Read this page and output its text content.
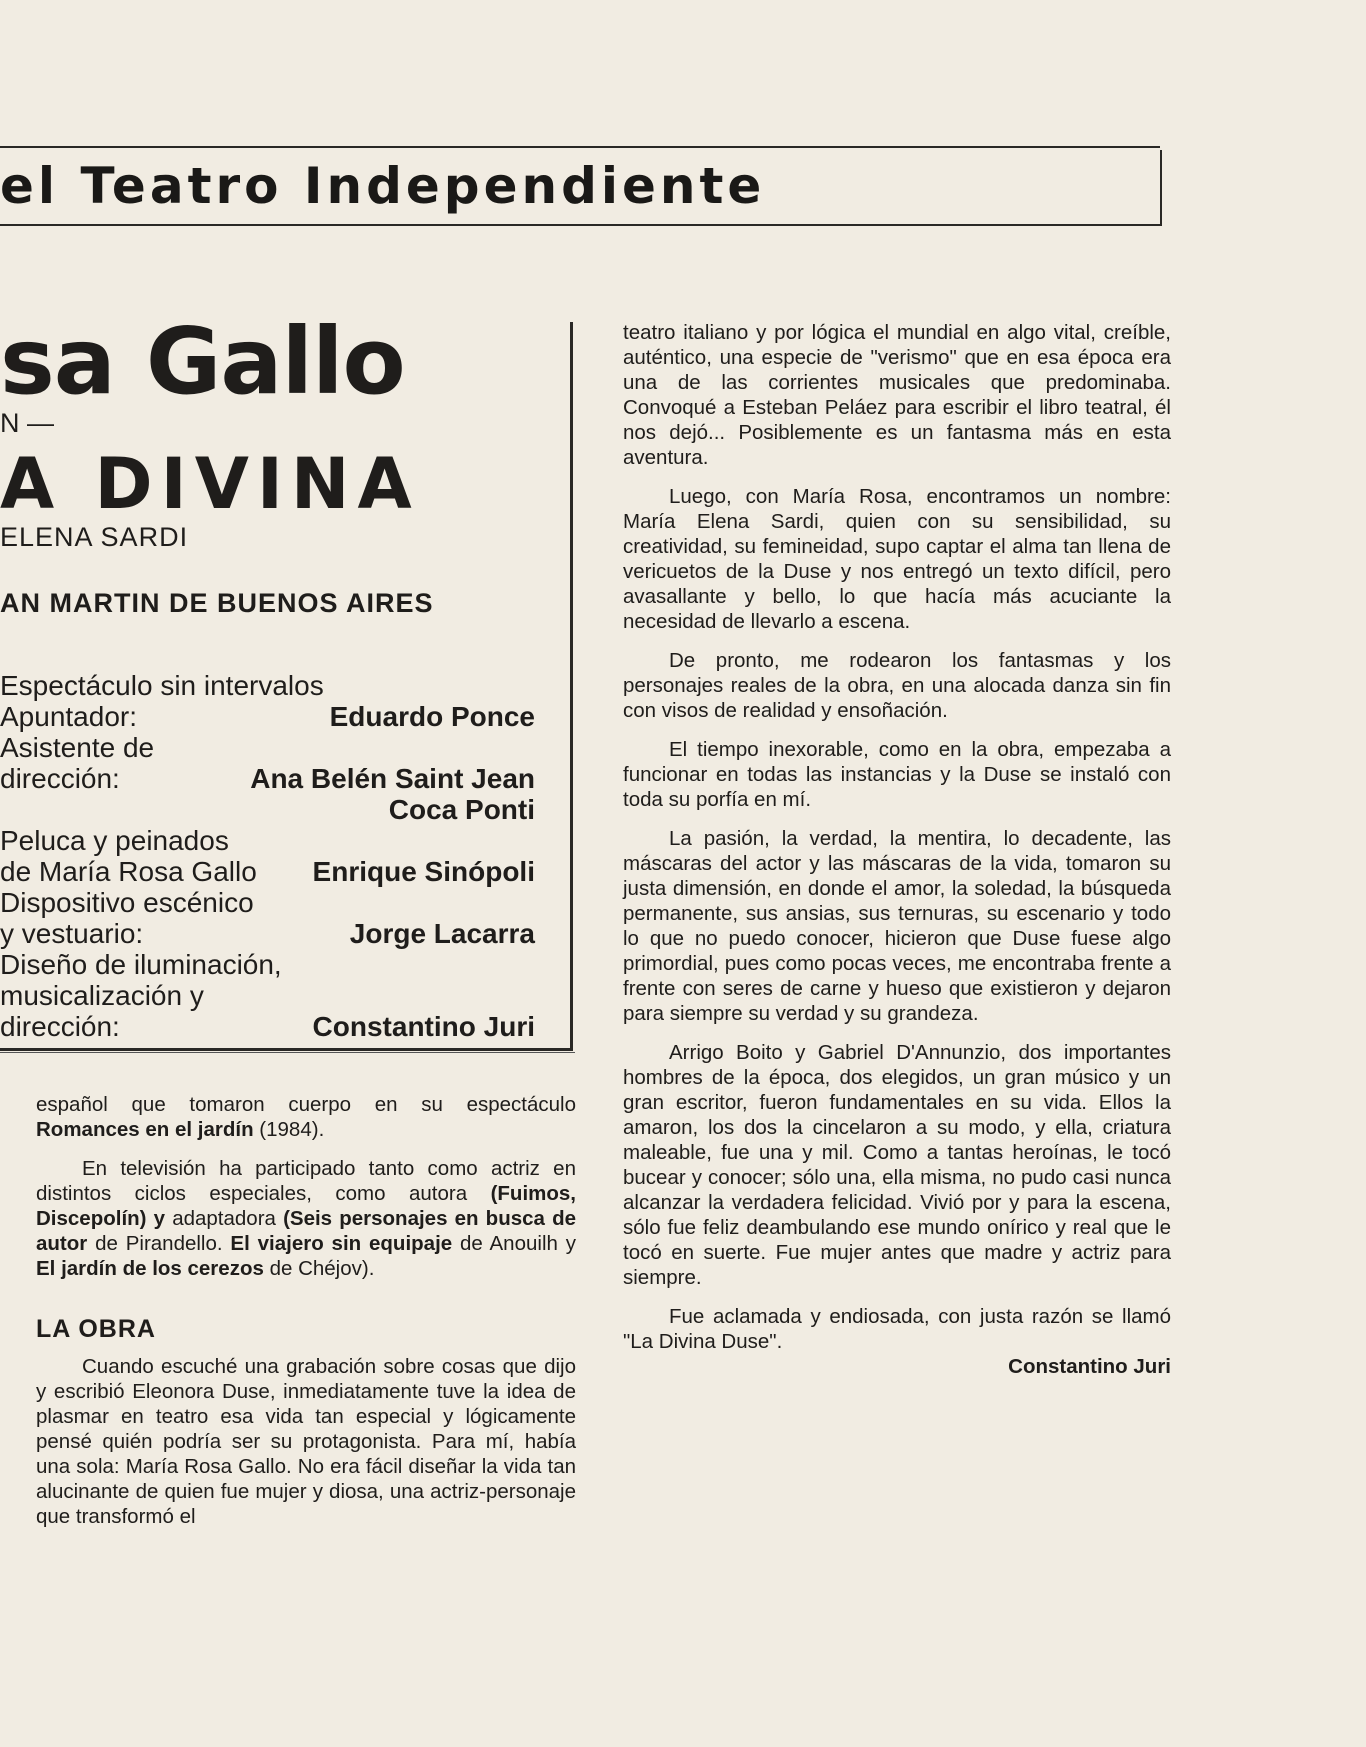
el Teatro Independiente
sa Gallo
N —
A DIVINA
ELENA SARDI
AN MARTIN DE BUENOS AIRES
Espectáculo sin intervalos
Apuntador:	Eduardo Ponce
Asistente de
dirección:	Ana Belén Saint Jean
Coca Ponti
Peluca y peinados
de María Rosa Gallo	Enrique Sinópoli
Dispositivo escénico
y vestuario:	Jorge Lacarra
Diseño de iluminación,
musicalización y
dirección:	Constantino Juri

español que tomaron cuerpo en su espectáculo Romances en el jardín (1984).

En televisión ha participado tanto como actriz en distintos ciclos especiales, como autora (Fuimos, Discepolín) y adaptadora (Seis personajes en busca de autor de Pirandello. El viajero sin equipaje de Anouilh y El jardín de los cerezos de Chéjov).

LA OBRA

Cuando escuché una grabación sobre cosas que dijo y escribió Eleonora Duse, inmediatamente tuve la idea de plasmar en teatro esa vida tan especial y lógicamente pensé quién podría ser su protagonista. Para mí, había una sola: María Rosa Gallo. No era fácil diseñar la vida tan alucinante de quien fue mujer y diosa, una actriz-personaje que transformó el

teatro italiano y por lógica el mundial en algo vital, creíble, auténtico, una especie de "verismo" que en esa época era una de las corrientes musicales que predominaba. Convoqué a Esteban Peláez para escribir el libro teatral, él nos dejó... Posiblemente es un fantasma más en esta aventura.

Luego, con María Rosa, encontramos un nombre: María Elena Sardi, quien con su sensibilidad, su creatividad, su femineidad, supo captar el alma tan llena de vericuetos de la Duse y nos entregó un texto difícil, pero avasallante y bello, lo que hacía más acuciante la necesidad de llevarlo a escena.

De pronto, me rodearon los fantasmas y los personajes reales de la obra, en una alocada danza sin fin con visos de realidad y ensoñación.

El tiempo inexorable, como en la obra, empezaba a funcionar en todas las instancias y la Duse se instaló con toda su porfía en mí.

La pasión, la verdad, la mentira, lo decadente, las máscaras del actor y las máscaras de la vida, tomaron su justa dimensión, en donde el amor, la soledad, la búsqueda permanente, sus ansias, sus ternuras, su escenario y todo lo que no puedo conocer, hicieron que Duse fuese algo primordial, pues como pocas veces, me encontraba frente a frente con seres de carne y hueso que existieron y dejaron para siempre su verdad y su grandeza.

Arrigo Boito y Gabriel D'Annunzio, dos importantes hombres de la época, dos elegidos, un gran músico y un gran escritor, fueron fundamentales en su vida. Ellos la amaron, los dos la cincelaron a su modo, y ella, criatura maleable, fue una y mil. Como a tantas heroínas, le tocó bucear y conocer; sólo una, ella misma, no pudo casi nunca alcanzar la verdadera felicidad. Vivió por y para la escena, sólo fue feliz deambulando ese mundo onírico y real que le tocó en suerte. Fue mujer antes que madre y actriz para siempre.

Fue aclamada y endiosada, con justa razón se llamó "La Divina Duse".

Constantino Juri
